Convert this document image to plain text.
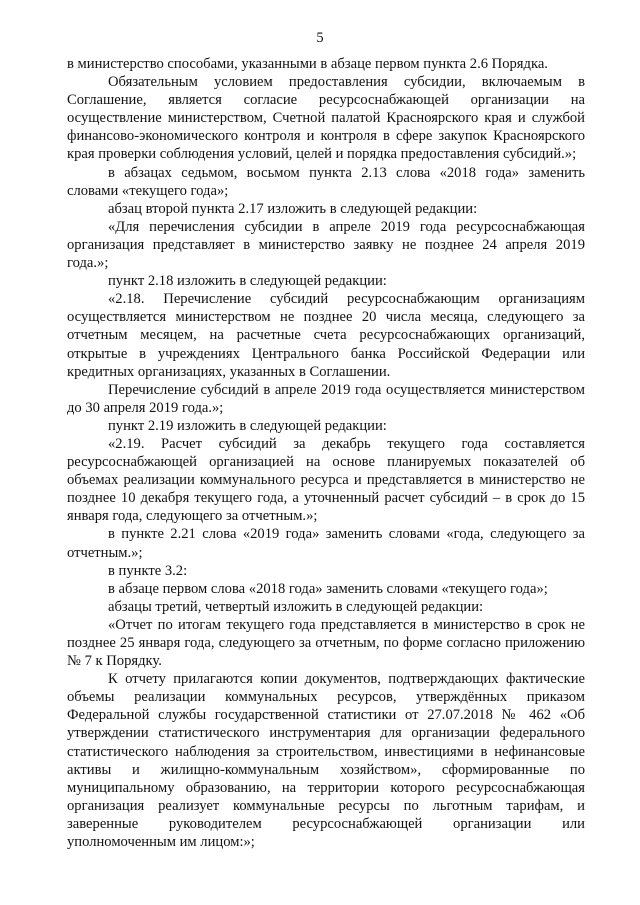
5

в министерство способами, указанными в абзаце первом пункта 2.6 Порядка.

Обязательным условием предоставления субсидии, включаемым в Соглашение, является согласие ресурсоснабжающей организации на осуществление министерством, Счетной палатой Красноярского края и службой финансово-экономического контроля и контроля в сфере закупок Красноярского края проверки соблюдения условий, целей и порядка предоставления субсидий.»;

в абзацах седьмом, восьмом пункта 2.13 слова «2018 года» заменить словами «текущего года»;

абзац второй пункта 2.17 изложить в следующей редакции:

«Для перечисления субсидии в апреле 2019 года ресурсоснабжающая организация представляет в министерство заявку не позднее 24 апреля 2019 года.»;

пункт 2.18 изложить в следующей редакции:

«2.18. Перечисление субсидий ресурсоснабжающим организациям осуществляется министерством не позднее 20 числа месяца, следующего за отчетным месяцем, на расчетные счета ресурсоснабжающих организаций, открытые в учреждениях Центрального банка Российской Федерации или кредитных организациях, указанных в Соглашении.

Перечисление субсидий в апреле 2019 года осуществляется министерством до 30 апреля 2019 года.»;

пункт 2.19 изложить в следующей редакции:

«2.19. Расчет субсидий за декабрь текущего года составляется ресурсоснабжающей организацией на основе планируемых показателей об объемах реализации коммунального ресурса и представляется в министерство не позднее 10 декабря текущего года, а уточненный расчет субсидий – в срок до 15 января года, следующего за отчетным.»;

в пункте 2.21 слова «2019 года» заменить словами «года, следующего за отчетным.»;

в пункте 3.2:

в абзаце первом слова «2018 года» заменить словами «текущего года»;

абзацы третий, четвертый изложить в следующей редакции:

«Отчет по итогам текущего года представляется в министерство в срок не позднее 25 января года, следующего за отчетным, по форме согласно приложению № 7 к Порядку.

К отчету прилагаются копии документов, подтверждающих фактические объемы реализации коммунальных ресурсов, утверждённых приказом Федеральной службы государственной статистики от 27.07.2018 № 462 «Об утверждении статистического инструментария для организации федерального статистического наблюдения за строительством, инвестициями в нефинансовые активы и жилищно-коммунальным хозяйством», сформированные по муниципальному образованию, на территории которого ресурсоснабжающая организация реализует коммунальные ресурсы по льготным тарифам, и заверенные руководителем ресурсоснабжающей организации или уполномоченным им лицом:»;
